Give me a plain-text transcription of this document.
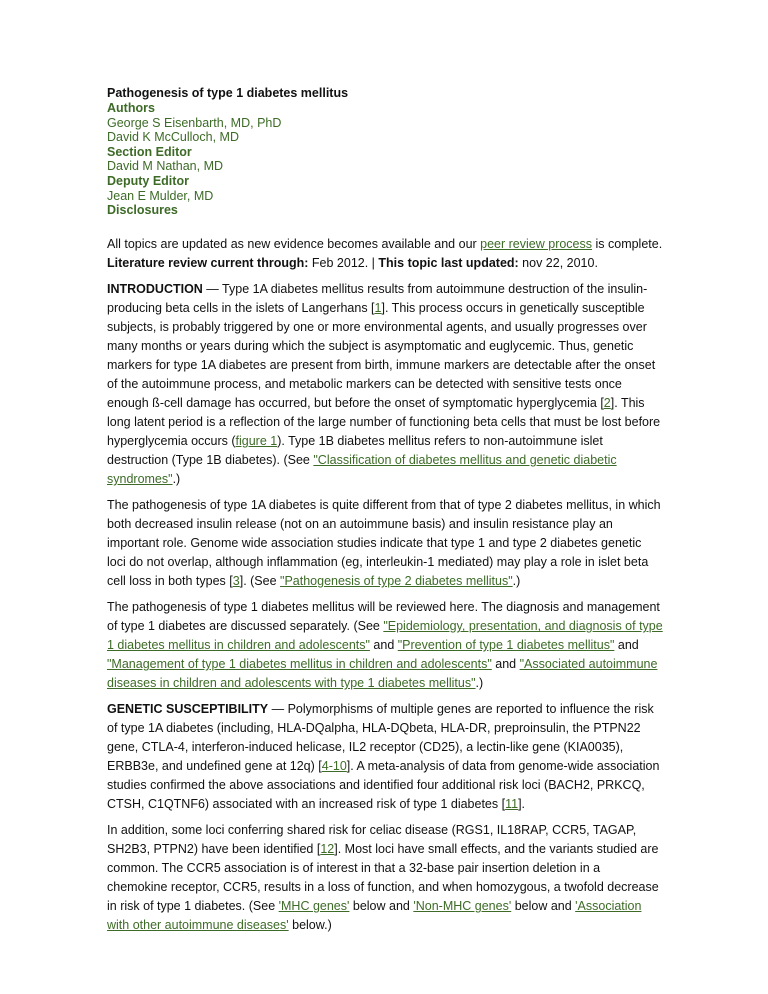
Pathogenesis of type 1 diabetes mellitus

Authors
George S Eisenbarth, MD, PhD
David K McCulloch, MD
Section Editor
David M Nathan, MD
Deputy Editor
Jean E Mulder, MD
Disclosures

All topics are updated as new evidence becomes available and our peer review process is complete.

Literature review current through: Feb 2012. | This topic last updated: nov 22, 2010.

INTRODUCTION — Type 1A diabetes mellitus results from autoimmune destruction of the insulin-producing beta cells in the islets of Langerhans [1]. This process occurs in genetically susceptible subjects, is probably triggered by one or more environmental agents, and usually progresses over many months or years during which the subject is asymptomatic and euglycemic. Thus, genetic markers for type 1A diabetes are present from birth, immune markers are detectable after the onset of the autoimmune process, and metabolic markers can be detected with sensitive tests once enough ß-cell damage has occurred, but before the onset of symptomatic hyperglycemia [2]. This long latent period is a reflection of the large number of functioning beta cells that must be lost before hyperglycemia occurs (figure 1). Type 1B diabetes mellitus refers to non-autoimmune islet destruction (Type 1B diabetes). (See "Classification of diabetes mellitus and genetic diabetic syndromes".)

The pathogenesis of type 1A diabetes is quite different from that of type 2 diabetes mellitus, in which both decreased insulin release (not on an autoimmune basis) and insulin resistance play an important role. Genome wide association studies indicate that type 1 and type 2 diabetes genetic loci do not overlap, although inflammation (eg, interleukin-1 mediated) may play a role in islet beta cell loss in both types [3]. (See "Pathogenesis of type 2 diabetes mellitus".)

The pathogenesis of type 1 diabetes mellitus will be reviewed here. The diagnosis and management of type 1 diabetes are discussed separately. (See "Epidemiology, presentation, and diagnosis of type 1 diabetes mellitus in children and adolescents" and "Prevention of type 1 diabetes mellitus" and "Management of type 1 diabetes mellitus in children and adolescents" and "Associated autoimmune diseases in children and adolescents with type 1 diabetes mellitus".)

GENETIC SUSCEPTIBILITY — Polymorphisms of multiple genes are reported to influence the risk of type 1A diabetes (including, HLA-DQalpha, HLA-DQbeta, HLA-DR, preproinsulin, the PTPN22 gene, CTLA-4, interferon-induced helicase, IL2 receptor (CD25), a lectin-like gene (KIA0035), ERBB3e, and undefined gene at 12q) [4-10]. A meta-analysis of data from genome-wide association studies confirmed the above associations and identified four additional risk loci (BACH2, PRKCQ, CTSH, C1QTNF6) associated with an increased risk of type 1 diabetes [11].

In addition, some loci conferring shared risk for celiac disease (RGS1, IL18RAP, CCR5, TAGAP, SH2B3, PTPN2) have been identified [12]. Most loci have small effects, and the variants studied are common. The CCR5 association is of interest in that a 32-base pair insertion deletion in a chemokine receptor, CCR5, results in a loss of function, and when homozygous, a twofold decrease in risk of type 1 diabetes. (See 'MHC genes' below and 'Non-MHC genes' below and 'Association with other autoimmune diseases' below.)
